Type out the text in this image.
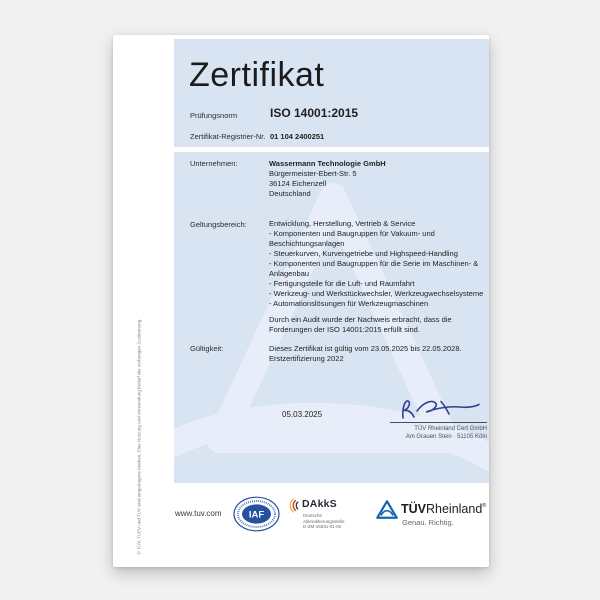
© TÜV, TUEV und TUV sind eingetragene Marken. Eine Nutzung und Verwendung bedarf der vorherigen Zustimmung.
Zertifikat
Prüfungsnorm	ISO 14001:2015
Zertifikat-Registrier-Nr. 01 104 2400251
Unternehmen:	Wassermann Technologie GmbH
Bürgermeister-Ebert-Str. 5
36124 Eichenzell
Deutschland
Geltungsbereich:	Entwicklung, Herstellung, Vertrieb & Service
- Komponenten und Baugruppen für Vakuum- und
Beschichtungsanlagen
- Steuerkurven, Kurvengetriebe und Highspeed-Handling
- Komponenten und Baugruppen für die Serie im Maschinen- &
Anlagenbau
- Fertigungsteile für die Luft- und Raumfahrt
- Werkzeug- und Werkstückwechsler, Werkzeugwechselsysteme
- Automationslösungen für Werkzeugmaschinen
Durch ein Audit wurde der Nachweis erbracht, dass die
Forderungen der ISO 14001:2015 erfüllt sind.
Gültigkeit:	Dieses Zertifikat ist gültig vom 23.05.2025 bis 22.05.2028.
Erstzertifizierung 2022
05.03.2025
TÜV Rheinland Cert GmbH
Am Grauen Stein · 51105 Köln
www.tuv.com	IAF
DAkkS
Deutsche
Akkreditierungsstelle
D-ZM-16031-01-00
TÜVRheinland®
Genau. Richtig.
